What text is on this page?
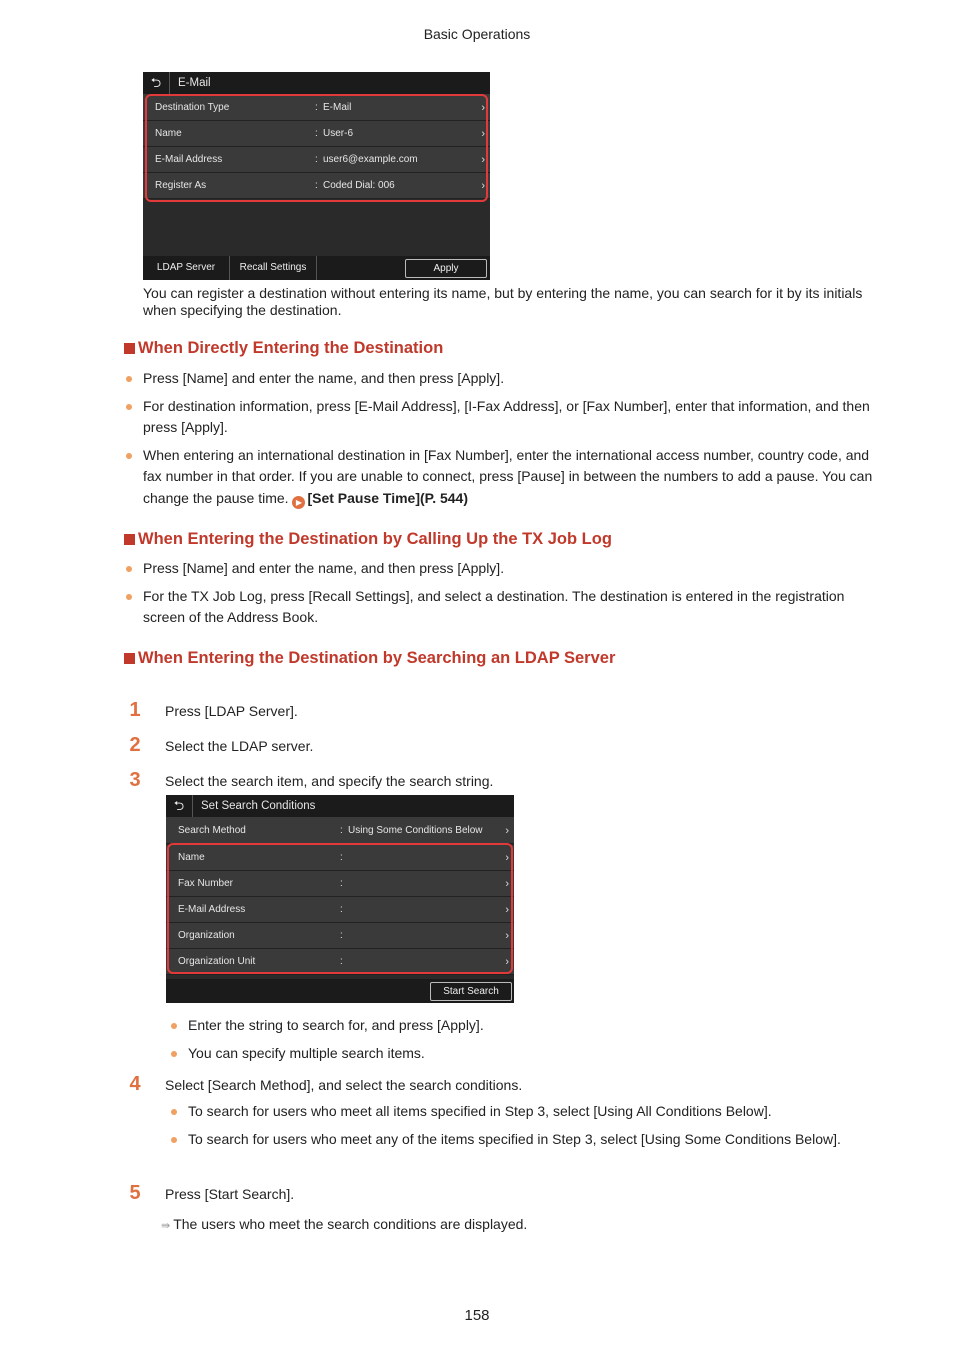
Basic Operations
⮌	E-Mail
Destination Type	: E-Mail	›
Name	: User-6	›
E-Mail Address	: user6@example.com	›
Register As	: Coded Dial: 006	›
LDAP Server	Recall Settings	Apply
You can register a destination without entering its name, but by entering the name, you can search for it by its initials when specifying the destination.
When Directly Entering the Destination
Press [Name] and enter the name, and then press [Apply].
For destination information, press [E-Mail Address], [I-Fax Address], or [Fax Number], enter that information, and then press [Apply].
When entering an international destination in [Fax Number], enter the international access number, country code, and fax number in that order. If you are unable to connect, press [Pause] in between the numbers to add a pause. You can change the pause time. ▶ [Set Pause Time](P. 544)
When Entering the Destination by Calling Up the TX Job Log
Press [Name] and enter the name, and then press [Apply].
For the TX Job Log, press [Recall Settings], and select a destination. The destination is entered in the registration screen of the Address Book.
When Entering the Destination by Searching an LDAP Server
1	Press [LDAP Server].
2	Select the LDAP server.
3	Select the search item, and specify the search string.
⮌	Set Search Conditions
Search Method	: Using Some Conditions Below ›
Name	:	›
Fax Number	:	›
E-Mail Address	:	›
Organization	:	›
Organization Unit	:	›
Start Search
Enter the string to search for, and press [Apply].
You can specify multiple search items.
4	Select [Search Method], and select the search conditions.
To search for users who meet all items specified in Step 3, select [Using All Conditions Below].
To search for users who meet any of the items specified in Step 3, select [Using Some Conditions Below].
5	Press [Start Search].
⇛ The users who meet the search conditions are displayed.
158
